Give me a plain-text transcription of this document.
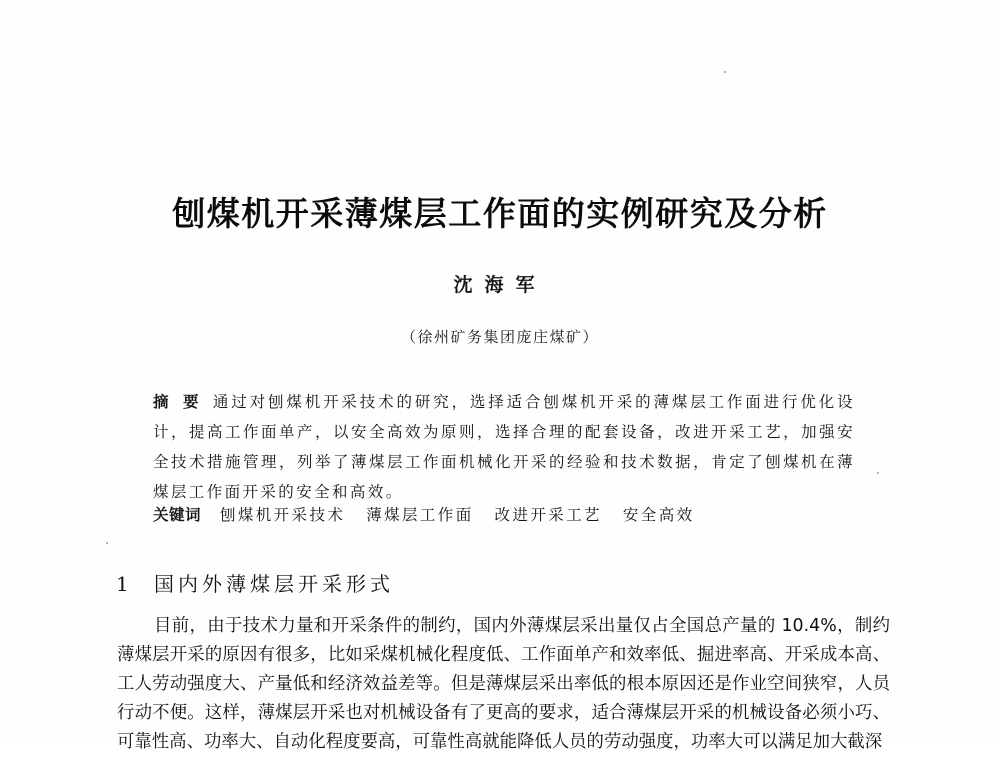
刨煤机开采薄煤层工作面的实例研究及分析
沈海军
（徐州矿务集团庞庄煤矿）
摘要通过对刨煤机开采技术的研究，选择适合刨煤机开采的薄煤层工作面进行优化设计，提高工作面单产，以安全高效为原则，选择合理的配套设备，改进开采工艺，加强安全技术措施管理，列举了薄煤层工作面机械化开采的经验和技术数据，肯定了刨煤机在薄煤层工作面开采的安全和高效。
关键词 刨煤机开采技术 薄煤层工作面 改进开采工艺 安全高效
1 国内外薄煤层开采形式
目前，由于技术力量和开采条件的制约，国内外薄煤层采出量仅占全国总产量的 10.4%，制约薄煤层开采的原因有很多，比如采煤机械化程度低、工作面单产和效率低、掘进率高、开采成本高、工人劳动强度大、产量低和经济效益差等。但是薄煤层采出率低的根本原因还是作业空间狭窄，人员行动不便。这样，薄煤层开采也对机械设备有了更高的要求，适合薄煤层开采的机械设备必须小巧、可靠性高、功率大、自动化程度要高，可靠性高就能降低人员的劳动强度，功率大可以满足加大截深
